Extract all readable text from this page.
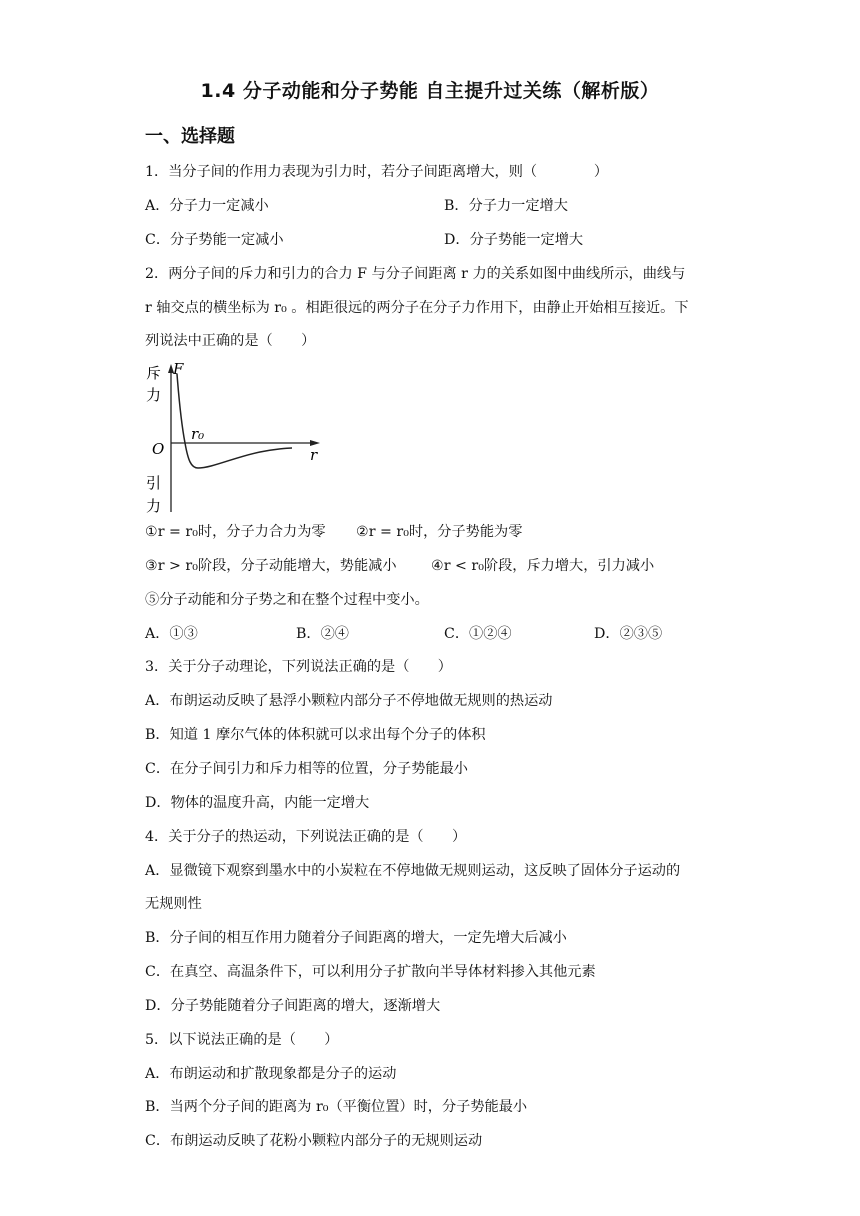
1.4 分子动能和分子势能 自主提升过关练（解析版）
一、选择题
1．当分子间的作用力表现为引力时，若分子间距离增大，则（　　　　）
A．分子力一定减小	B．分子力一定增大
C．分子势能一定减小	D．分子势能一定增大
2．两分子间的斥力和引力的合力 F 与分子间距离 r 力的关系如图中曲线所示，曲线与
r 轴交点的横坐标为 r₀ 。相距很远的两分子在分子力作用下，由静止开始相互接近。下
列说法中正确的是（　　）
斥
力
F
O
r₀
r
引
力
①r = r₀时，分子力合力为零 ②r = r₀时，分子势能为零
③r > r₀阶段，分子动能增大，势能减小 ④r < r₀阶段，斥力增大，引力减小
⑤分子动能和分子势之和在整个过程中变小。
A．①③	B．②④	C．①②④	D．②③⑤
3．关于分子动理论，下列说法正确的是（　　）
A．布朗运动反映了悬浮小颗粒内部分子不停地做无规则的热运动
B．知道 1 摩尔气体的体积就可以求出每个分子的体积
C．在分子间引力和斥力相等的位置，分子势能最小
D．物体的温度升高，内能一定增大
4．关于分子的热运动，下列说法正确的是（　　）
A．显微镜下观察到墨水中的小炭粒在不停地做无规则运动，这反映了固体分子运动的
无规则性
B．分子间的相互作用力随着分子间距离的增大，一定先增大后减小
C．在真空、高温条件下，可以利用分子扩散向半导体材料掺入其他元素
D．分子势能随着分子间距离的增大，逐渐增大
5．以下说法正确的是（　　）
A．布朗运动和扩散现象都是分子的运动
B．当两个分子间的距离为 r₀（平衡位置）时，分子势能最小
C．布朗运动反映了花粉小颗粒内部分子的无规则运动
